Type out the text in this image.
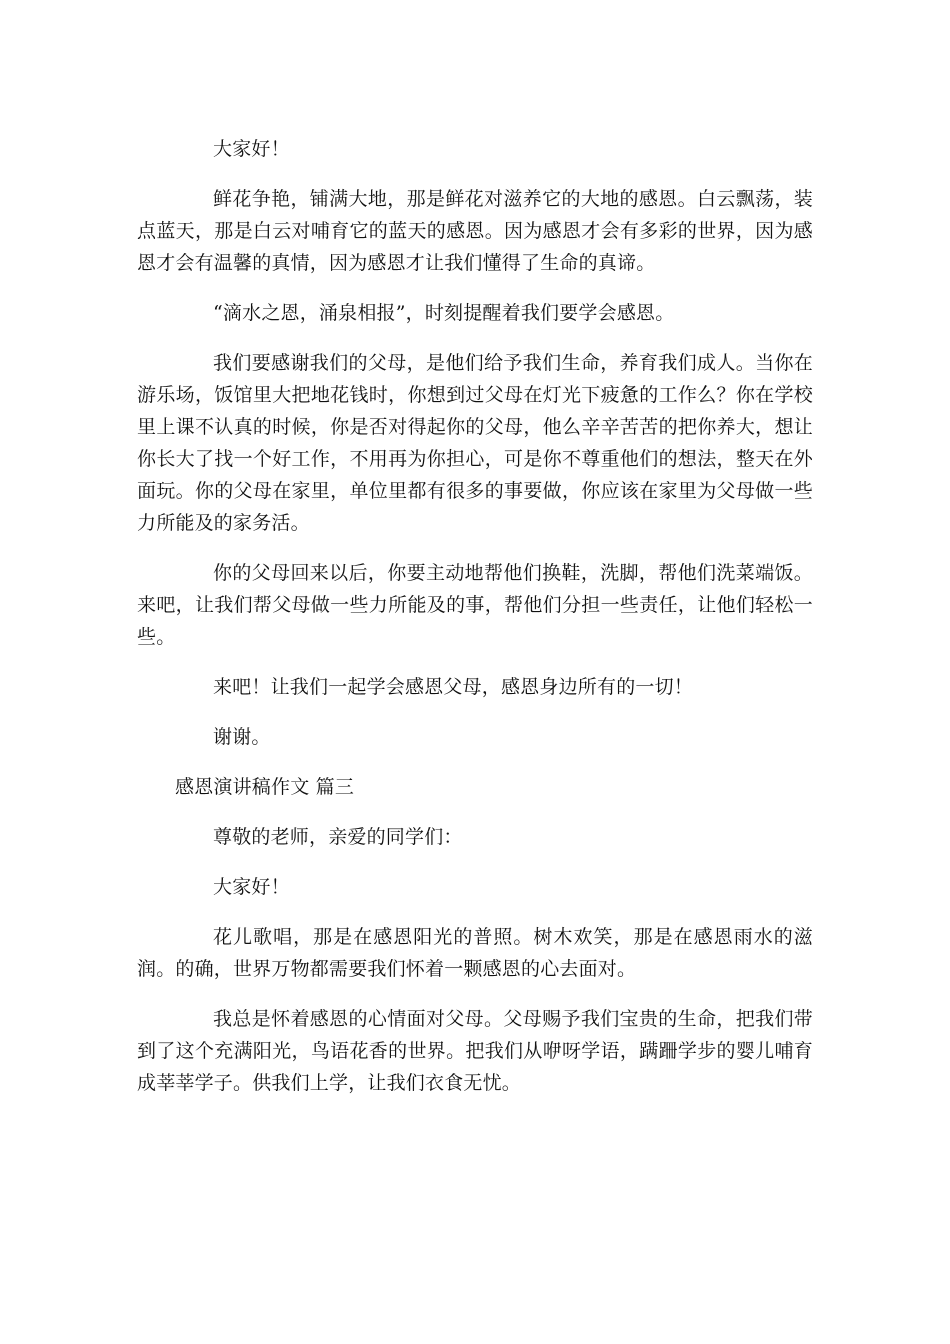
大家好！

鲜花争艳，铺满大地，那是鲜花对滋养它的大地的感恩。白云飘荡，装点蓝天，那是白云对哺育它的蓝天的感恩。因为感恩才会有多彩的世界，因为感恩才会有温馨的真情，因为感恩才让我们懂得了生命的真谛。

“滴水之恩，涌泉相报”，时刻提醒着我们要学会感恩。

我们要感谢我们的父母，是他们给予我们生命，养育我们成人。当你在游乐场，饭馆里大把地花钱时，你想到过父母在灯光下疲惫的工作么？你在学校里上课不认真的时候，你是否对得起你的父母，他么辛辛苦苦的把你养大，想让你长大了找一个好工作，不用再为你担心，可是你不尊重他们的想法，整天在外面玩。你的父母在家里，单位里都有很多的事要做，你应该在家里为父母做一些力所能及的家务活。

你的父母回来以后，你要主动地帮他们换鞋，洗脚，帮他们洗菜端饭。来吧，让我们帮父母做一些力所能及的事，帮他们分担一些责任，让他们轻松一些。

来吧！让我们一起学会感恩父母，感恩身边所有的一切！

谢谢。

感恩演讲稿作文 篇三

尊敬的老师，亲爱的同学们：

大家好！

花儿歌唱，那是在感恩阳光的普照。树木欢笑，那是在感恩雨水的滋润。的确，世界万物都需要我们怀着一颗感恩的心去面对。

我总是怀着感恩的心情面对父母。父母赐予我们宝贵的生命，把我们带到了这个充满阳光，鸟语花香的世界。把我们从咿呀学语，蹒跚学步的婴儿哺育成莘莘学子。供我们上学，让我们衣食无忧。
